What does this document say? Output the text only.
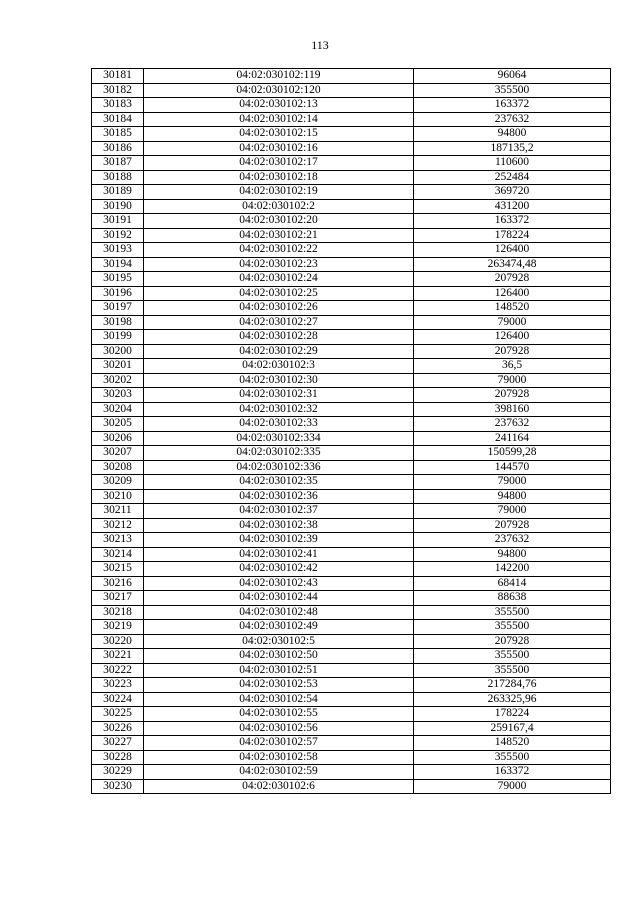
113
30181	04:02:030102:119	96064
30182	04:02:030102:120	355500
30183	04:02:030102:13	163372
30184	04:02:030102:14	237632
30185	04:02:030102:15	94800
30186	04:02:030102:16	187135,2
30187	04:02:030102:17	110600
30188	04:02:030102:18	252484
30189	04:02:030102:19	369720
30190	04:02:030102:2	431200
30191	04:02:030102:20	163372
30192	04:02:030102:21	178224
30193	04:02:030102:22	126400
30194	04:02:030102:23	263474,48
30195	04:02:030102:24	207928
30196	04:02:030102:25	126400
30197	04:02:030102:26	148520
30198	04:02:030102:27	79000
30199	04:02:030102:28	126400
30200	04:02:030102:29	207928
30201	04:02:030102:3	36,5
30202	04:02:030102:30	79000
30203	04:02:030102:31	207928
30204	04:02:030102:32	398160
30205	04:02:030102:33	237632
30206	04:02:030102:334	241164
30207	04:02:030102:335	150599,28
30208	04:02:030102:336	144570
30209	04:02:030102:35	79000
30210	04:02:030102:36	94800
30211	04:02:030102:37	79000
30212	04:02:030102:38	207928
30213	04:02:030102:39	237632
30214	04:02:030102:41	94800
30215	04:02:030102:42	142200
30216	04:02:030102:43	68414
30217	04:02:030102:44	88638
30218	04:02:030102:48	355500
30219	04:02:030102:49	355500
30220	04:02:030102:5	207928
30221	04:02:030102:50	355500
30222	04:02:030102:51	355500
30223	04:02:030102:53	217284,76
30224	04:02:030102:54	263325,96
30225	04:02:030102:55	178224
30226	04:02:030102:56	259167,4
30227	04:02:030102:57	148520
30228	04:02:030102:58	355500
30229	04:02:030102:59	163372
30230	04:02:030102:6	79000
